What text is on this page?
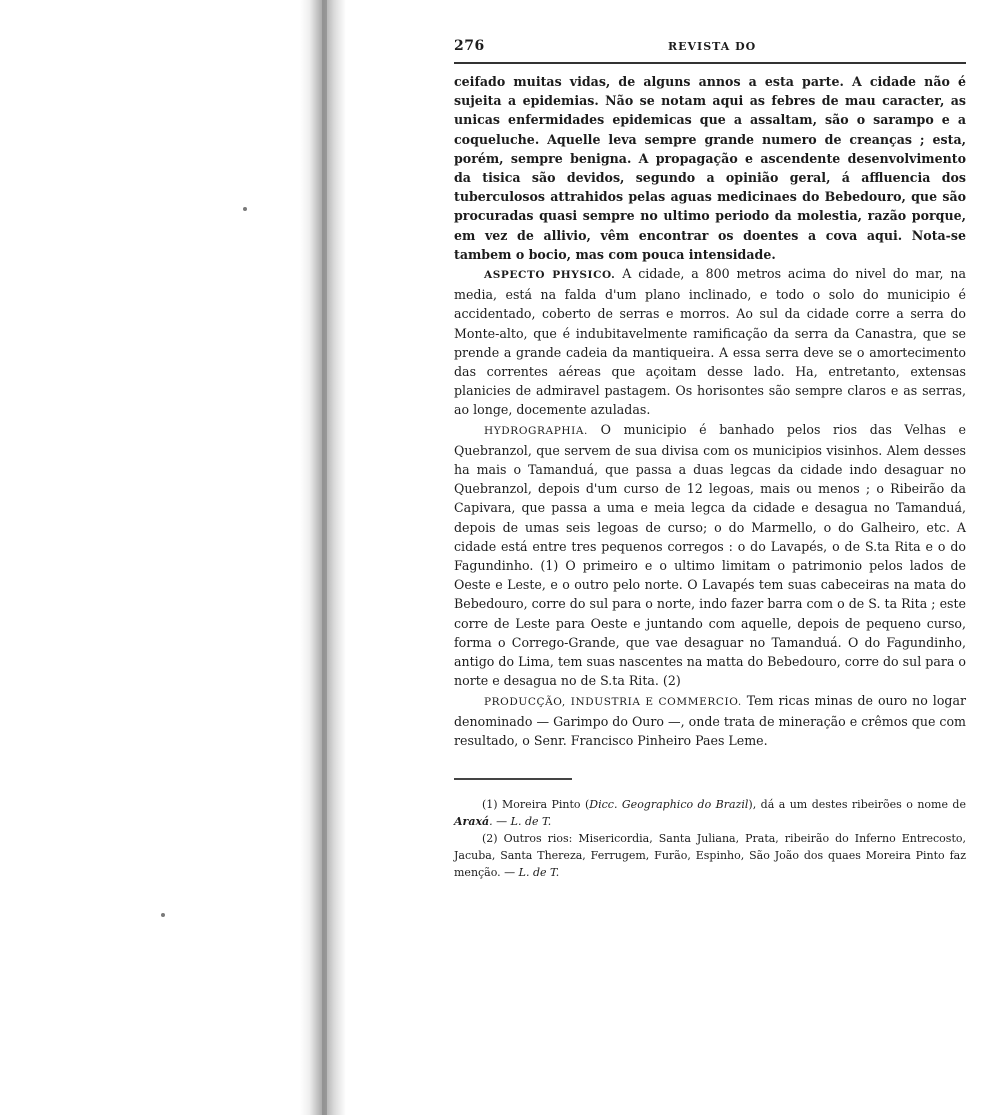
276	REVISTA DO

ceifado muitas vidas, de alguns annos a esta parte. A cidade não é sujeita a epidemias. Não se notam aqui as febres de mau caracter, as unicas enfermidades epidemicas que a assaltam, são o sarampo e a coqueluche. Aquelle leva sempre grande numero de creanças ; esta, porém, sempre benigna. A propagação e ascendente desenvolvimento da tisica são devidos, segundo a opinião geral, á affluencia dos tuberculosos attrahidos pelas aguas medicinaes do Bebedouro, que são procuradas quasi sempre no ultimo periodo da molestia, razão porque, em vez de allivio, vêm encontrar os doentes a cova aqui. Nota-se tambem o bocio, mas com pouca intensidade.

ASPECTO PHYSICO. A cidade, a 800 metros acima do nivel do mar, na media, está na falda d'um plano inclinado, e todo o solo do municipio é accidentado, coberto de serras e morros. Ao sul da cidade corre a serra do Monte-alto, que é indubitavelmente ramificação da serra da Canastra, que se prende a grande cadeia da mantiqueira. A essa serra deve se o amortecimento das correntes aéreas que açoitam desse lado. Ha, entretanto, extensas planicies de admiravel pastagem. Os horisontes são sempre claros e as serras, ao longe, docemente azuladas.

HYDROGRAPHIA. O municipio é banhado pelos rios das Velhas e Quebranzol, que servem de sua divisa com os municipios visinhos. Alem desses ha mais o Tamanduá, que passa a duas legcas da cidade indo desaguar no Quebranzol, depois d'um curso de 12 legoas, mais ou menos ; o Ribeirão da Capivara, que passa a uma e meia legca da cidade e desagua no Tamanduá, depois de umas seis legoas de curso; o do Marmello, o do Galheiro, etc. A cidade está entre tres pequenos corregos : o do Lavapés, o de S.ta Rita e o do Fagundinho. (1) O primeiro e o ultimo limitam o patrimonio pelos lados de Oeste e Leste, e o outro pelo norte. O Lavapés tem suas cabeceiras na mata do Bebedouro, corre do sul para o norte, indo fazer barra com o de S. ta Rita ; este corre de Leste para Oeste e juntando com aquelle, depois de pequeno curso, forma o Corrego-Grande, que vae desaguar no Tamanduá. O do Fagundinho, antigo do Lima, tem suas nascentes na matta do Bebedouro, corre do sul para o norte e desagua no de S.ta Rita. (2)

PRODUCÇÃO, INDUSTRIA E COMMERCIO. Tem ricas minas de ouro no logar denominado — Garimpo do Ouro —, onde trata de mineração e crêmos que com resultado, o Senr. Francisco Pinheiro Paes Leme.

(1) Moreira Pinto (Dicc. Geographico do Brazil), dá a um destes ribeirões o nome de Araxá. — L. de T.

(2) Outros rios: Misericordia, Santa Juliana, Prata, ribeirão do Inferno Entrecosto, Jacuba, Santa Thereza, Ferrugem, Furão, Espinho, São João dos quaes Moreira Pinto faz menção. — L. de T.
